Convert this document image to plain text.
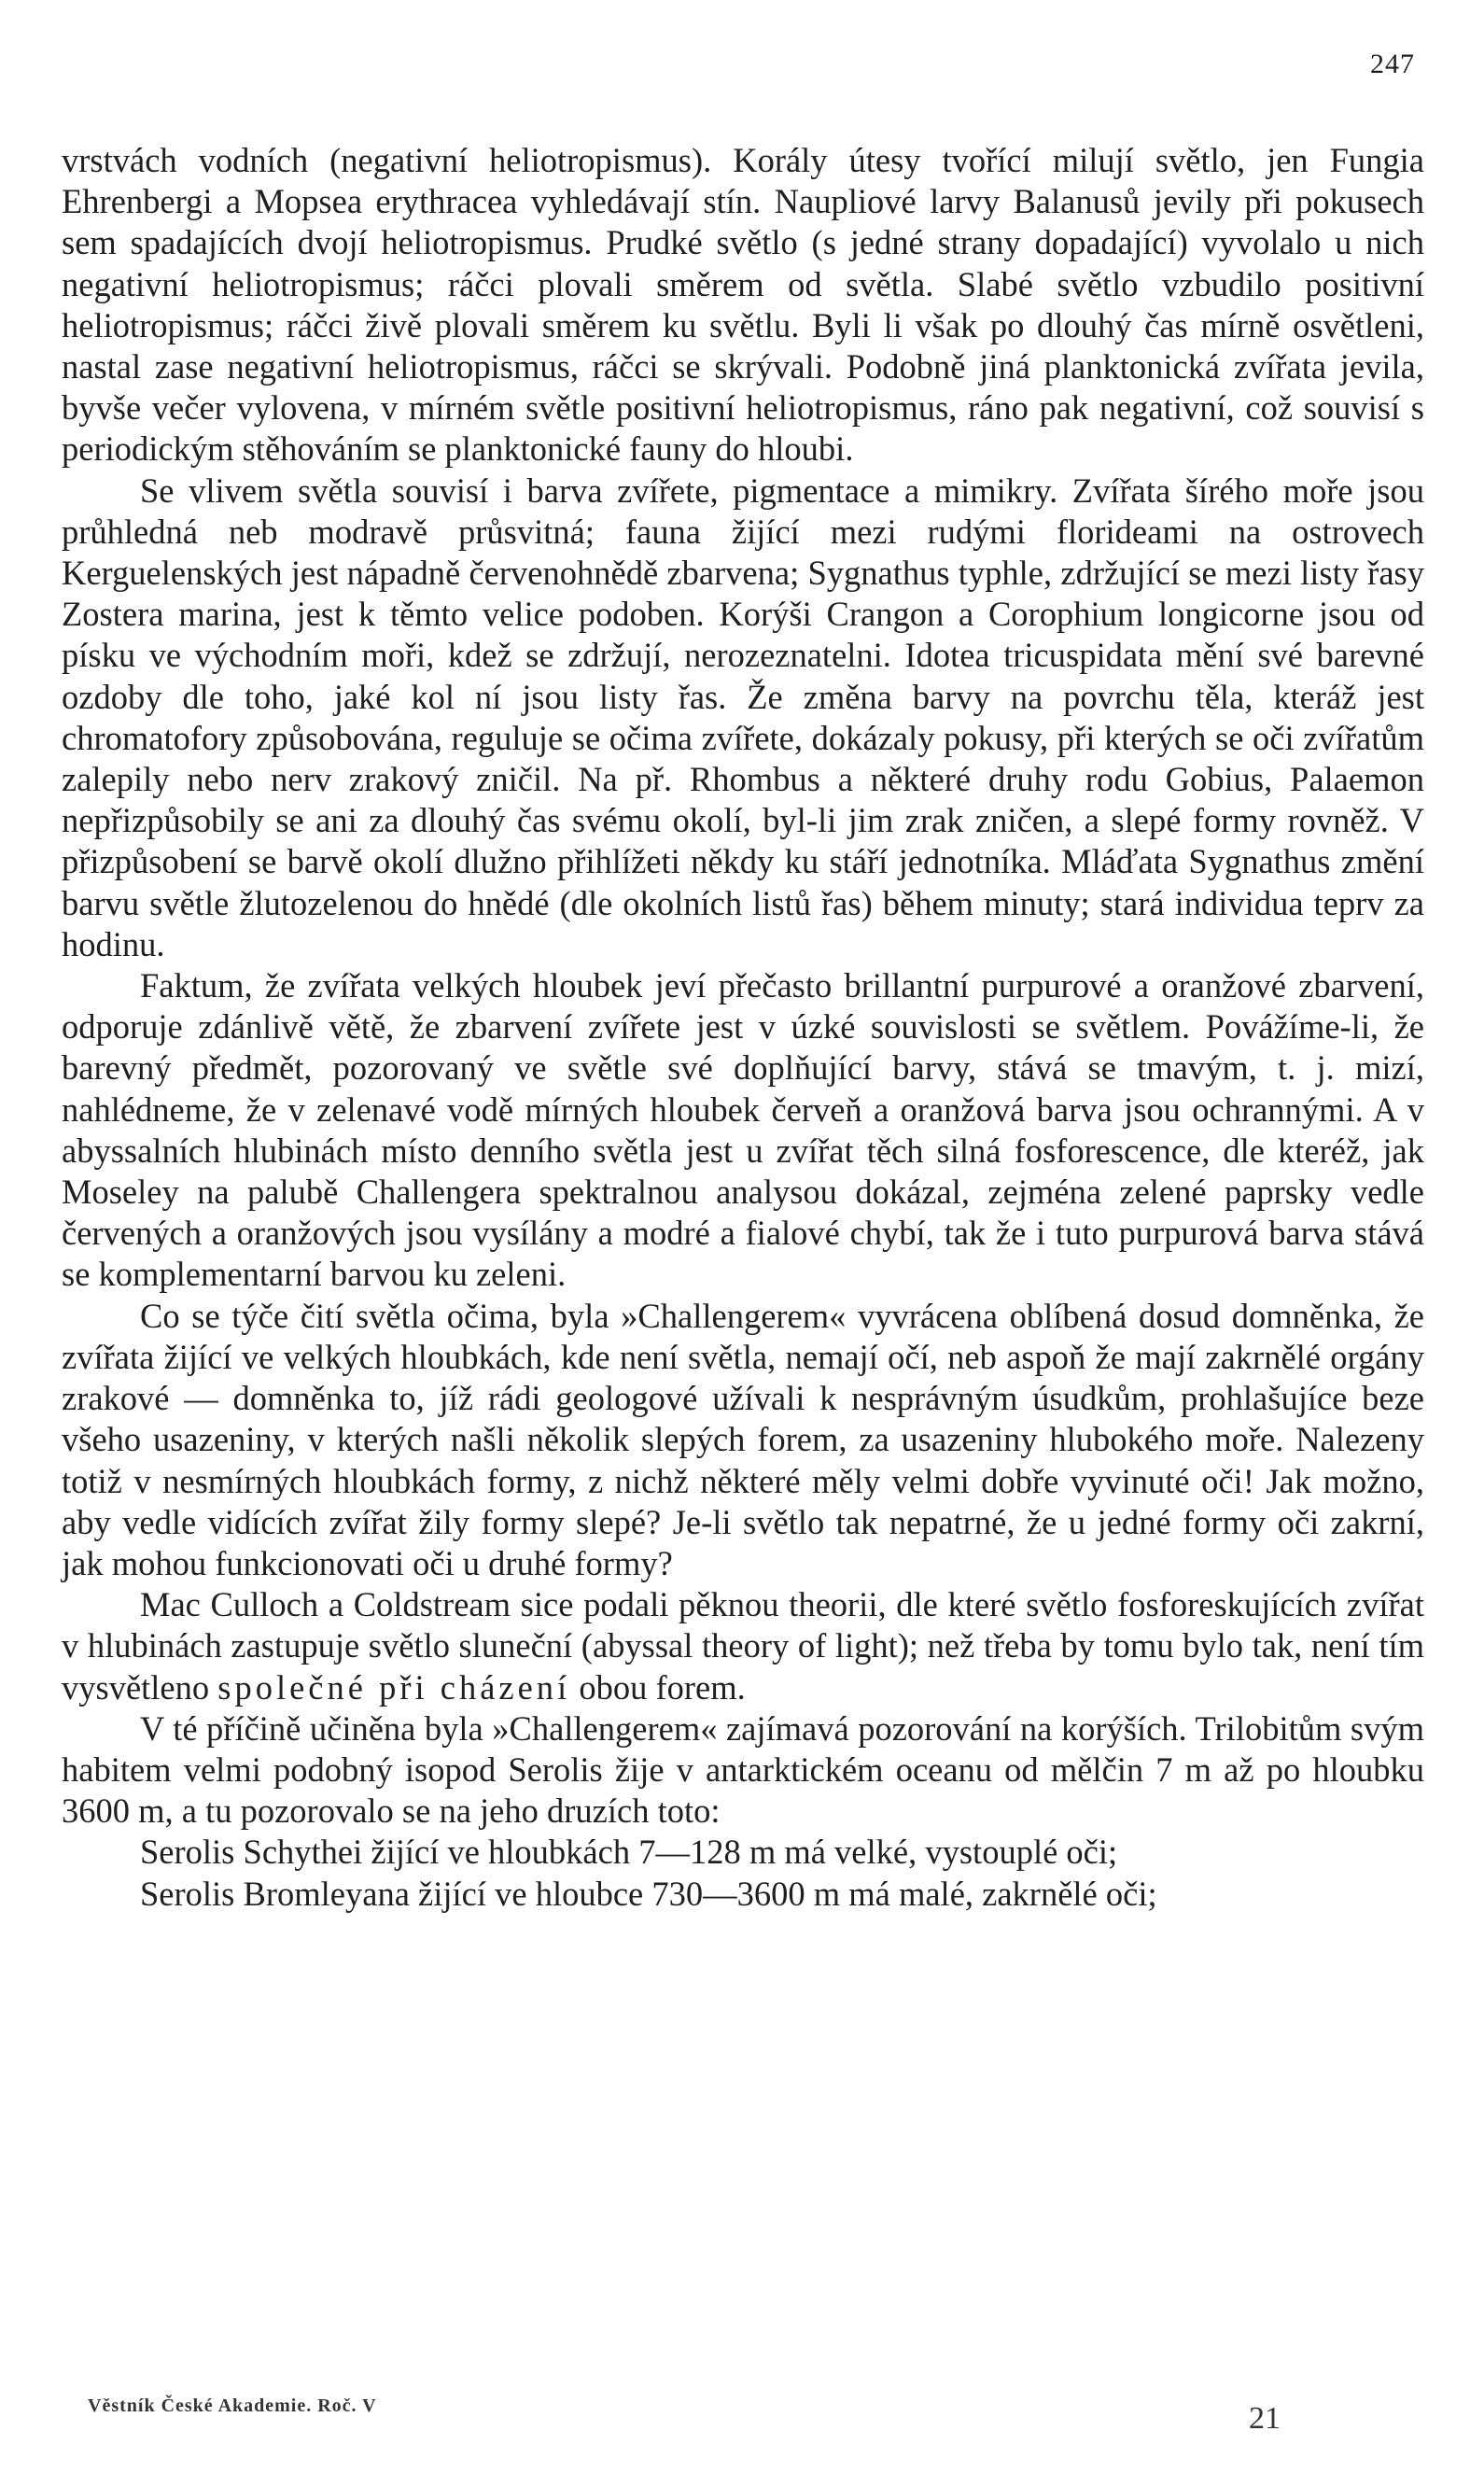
247

vrstvách vodních (negativní heliotropismus). Korály útesy tvořící milují světlo, jen Fungia Ehrenbergi a Mopsea erythracea vyhledávají stín. Naupliové larvy Balanusů jevily při pokusech sem spadajících dvojí heliotropismus. Prudké světlo (s jedné strany dopadající) vyvolalo u nich negativní heliotropismus; ráčci plovali směrem od světla. Slabé světlo vzbudilo positivní heliotropismus; ráčci živě plovali směrem ku světlu. Byli li však po dlouhý čas mírně osvětleni, nastal zase negativní heliotropismus, ráčci se skrývali. Podobně jiná planktonická zvířata jevila, byvše večer vylovena, v mírném světle positivní heliotropismus, ráno pak negativní, což souvisí s periodickým stěhováním se planktonické fauny do hloubi.

Se vlivem světla souvisí i barva zvířete, pigmentace a mimikry. Zvířata šírého moře jsou průhledná neb modravě průsvitná; fauna žijící mezi rudými florideami na ostrovech Kerguelenských jest nápadně červenohnědě zbarvena; Sygnathus typhle, zdržující se mezi listy řasy Zostera marina, jest k těmto velice podoben. Korýši Crangon a Corophium longicorne jsou od písku ve východním moři, kdež se zdržují, nerozeznatelni. Idotea tricuspidata mění své barevné ozdoby dle toho, jaké kol ní jsou listy řas. Že změna barvy na povrchu těla, kteráž jest chromatofory způsobována, reguluje se očima zvířete, dokázaly pokusy, při kterých se oči zvířatům zalepily nebo nerv zrakový zničil. Na př. Rhombus a některé druhy rodu Gobius, Palaemon nepřizpůsobily se ani za dlouhý čas svému okolí, byl-li jim zrak zničen, a slepé formy rovněž. V přizpůsobení se barvě okolí dlužno přihlížeti někdy ku stáří jednotníka. Mláďata Sygnathus změní barvu světle žlutozelenou do hnědé (dle okolních listů řas) během minuty; stará individua teprv za hodinu.

Faktum, že zvířata velkých hloubek jeví přečasto brillantní purpurové a oranžové zbarvení, odporuje zdánlivě větě, že zbarvení zvířete jest v úzké souvislosti se světlem. Povážíme-li, že barevný předmět, pozorovaný ve světle své doplňující barvy, stává se tmavým, t. j. mizí, nahlédneme, že v zelenavé vodě mírných hloubek červeň a oranžová barva jsou ochrannými. A v abyssalních hlubinách místo denního světla jest u zvířat těch silná fosforescence, dle kteréž, jak Moseley na palubě Challengera spektralnou analysou dokázal, zejména zelené paprsky vedle červených a oranžových jsou vysílány a modré a fialové chybí, tak že i tuto purpurová barva stává se komplementarní barvou ku zeleni.

Co se týče čití světla očima, byla »Challengerem« vyvrácena oblíbená dosud domněnka, že zvířata žijící ve velkých hloubkách, kde není světla, nemají očí, neb aspoň že mají zakrnělé orgány zrakové — domněnka to, jíž rádi geologové užívali k nesprávným úsudkům, prohlašujíce beze všeho usazeniny, v kterých našli několik slepých forem, za usazeniny hlubokého moře. Nalezeny totiž v nesmírných hloubkách formy, z nichž některé měly velmi dobře vyvinuté oči! Jak možno, aby vedle vidících zvířat žily formy slepé? Je-li světlo tak nepatrné, že u jedné formy oči zakrní, jak mohou funkcionovati oči u druhé formy?

Mac Culloch a Coldstream sice podali pěknou theorii, dle které světlo fosforeskujících zvířat v hlubinách zastupuje světlo sluneční (abyssal theory of light); než třeba by tomu bylo tak, není tím vysvětleno společné při cházení obou forem.

V té příčině učiněna byla »Challengerem« zajímavá pozorování na korýších. Trilobitům svým habitem velmi podobný isopod Serolis žije v antarktickém oceanu od mělčin 7 m až po hloubku 3600 m, a tu pozorovalo se na jeho druzích toto:

Serolis Schythei žijící ve hloubkách 7—128 m má velké, vystouplé oči;
Serolis Bromleyana žijící ve hloubce 730—3600 m má malé, zakrnělé oči;
Věstník České Akademie. Roč. V	21
